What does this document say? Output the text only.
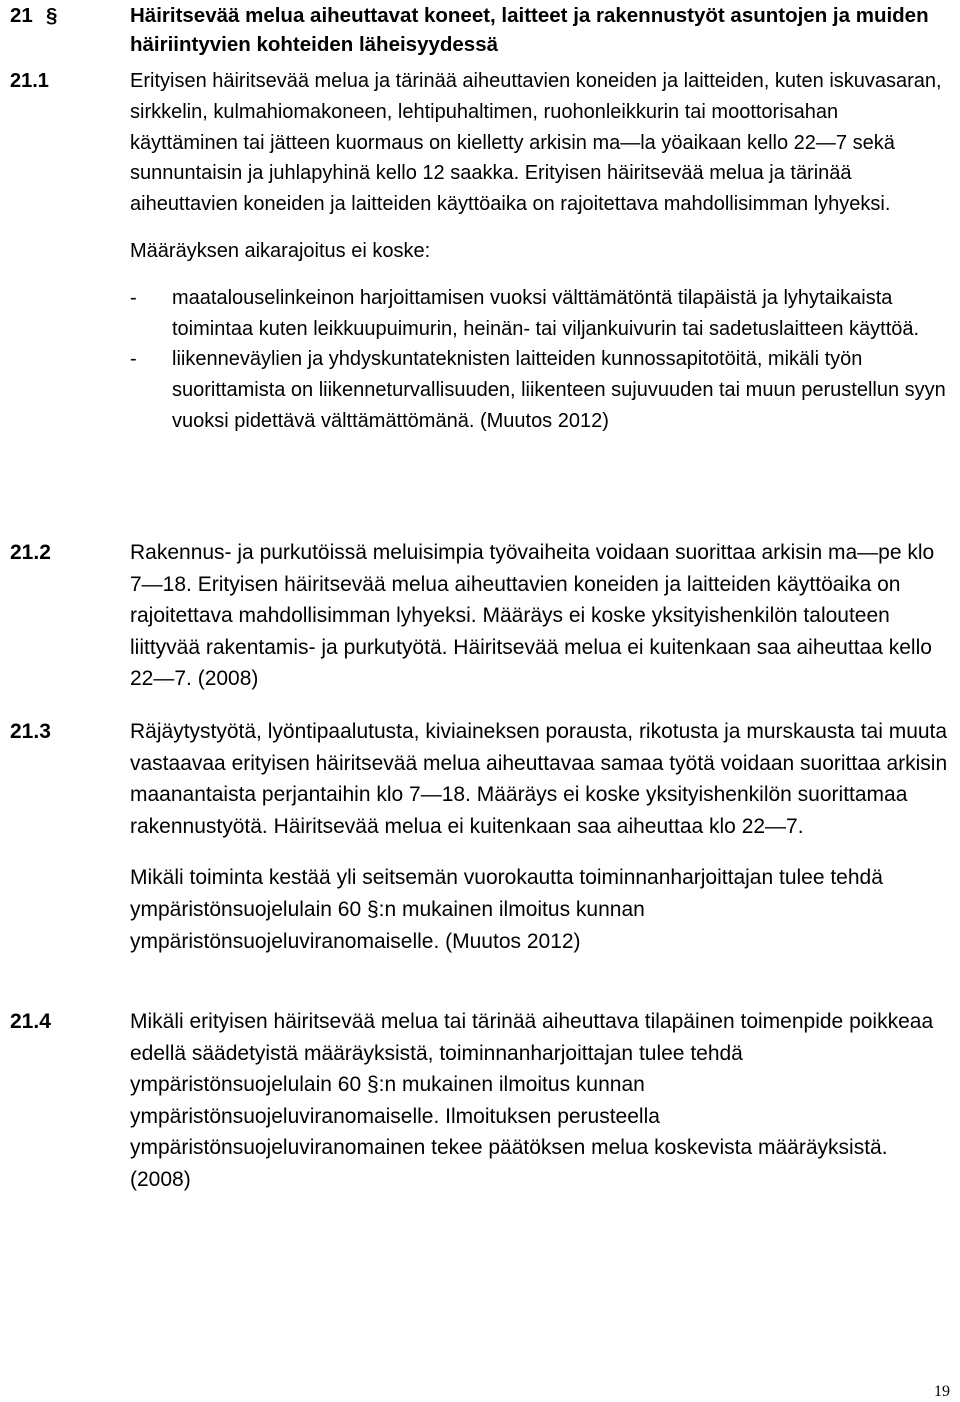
21 §	Häiritsevää melua aiheuttavat koneet, laitteet ja rakennustyöt asuntojen ja muiden häiriintyvien kohteiden läheisyydessä
21.1	Erityisen häiritsevää melua ja tärinää aiheuttavien koneiden ja laitteiden, kuten iskuvasaran, sirkkelin, kulmahiomakoneen, lehtipuhaltimen, ruohonleikkurin tai moottorisahan käyttäminen tai jätteen kuormaus on kielletty arkisin ma—la yöaikaan kello 22—7 sekä sunnuntaisin ja juhlapyhinä kello 12 saakka. Erityisen häiritsevää melua ja tärinää aiheuttavien koneiden ja laitteiden käyttöaika on rajoitettava mahdollisimman lyhyeksi.

Määräyksen aikarajoitus ei koske:

- maatalouselinkeinon harjoittamisen vuoksi välttämätöntä tilapäistä ja lyhytaikaista toimintaa kuten leikkuupuimurin, heinän- tai viljankuivurin tai sadetuslaitteen käyttöä.
- liikenneväylien ja yhdyskuntateknisten laitteiden kunnossapitotöitä, mikäli työn suorittamista on liikenneturvallisuuden, liikenteen sujuvuuden tai muun perustellun syyn vuoksi pidettävä välttämättömänä. (Muutos 2012)
21.2	Rakennus- ja purkutöissä meluisimpia työvaiheita voidaan suorittaa arkisin ma—pe klo 7—18. Erityisen häiritsevää melua aiheuttavien koneiden ja laitteiden käyttöaika on rajoitettava mahdollisimman lyhyeksi. Määräys ei koske yksityishenkilön talouteen liittyvää rakentamis- ja purkutyötä. Häiritsevää melua ei kuitenkaan saa aiheuttaa kello 22—7. (2008)

21.3	Räjäytystyötä, lyöntipaalutusta, kiviaineksen porausta, rikotusta ja murskausta tai muuta vastaavaa erityisen häiritsevää melua aiheuttavaa samaa työtä voidaan suorittaa arkisin maanantaista perjantaihin klo 7—18. Määräys ei koske yksityishenkilön suorittamaa rakennustyötä. Häiritsevää melua ei kuitenkaan saa aiheuttaa klo 22—7.

Mikäli toiminta kestää yli seitsemän vuorokautta toiminnanharjoittajan tulee tehdä ympäristönsuojelulain 60 §:n mukainen ilmoitus kunnan ympäristönsuojeluviranomaiselle. (Muutos 2012)

21.4	Mikäli erityisen häiritsevää melua tai tärinää aiheuttava tilapäinen toimenpide poikkeaa edellä säädetyistä määräyksistä, toiminnanharjoittajan tulee tehdä ympäristönsuojelulain 60 §:n mukainen ilmoitus kunnan ympäristönsuojeluviranomaiselle. Ilmoituksen perusteella ympäristönsuojeluviranomainen tekee päätöksen melua koskevista määräyksistä. (2008)

19
